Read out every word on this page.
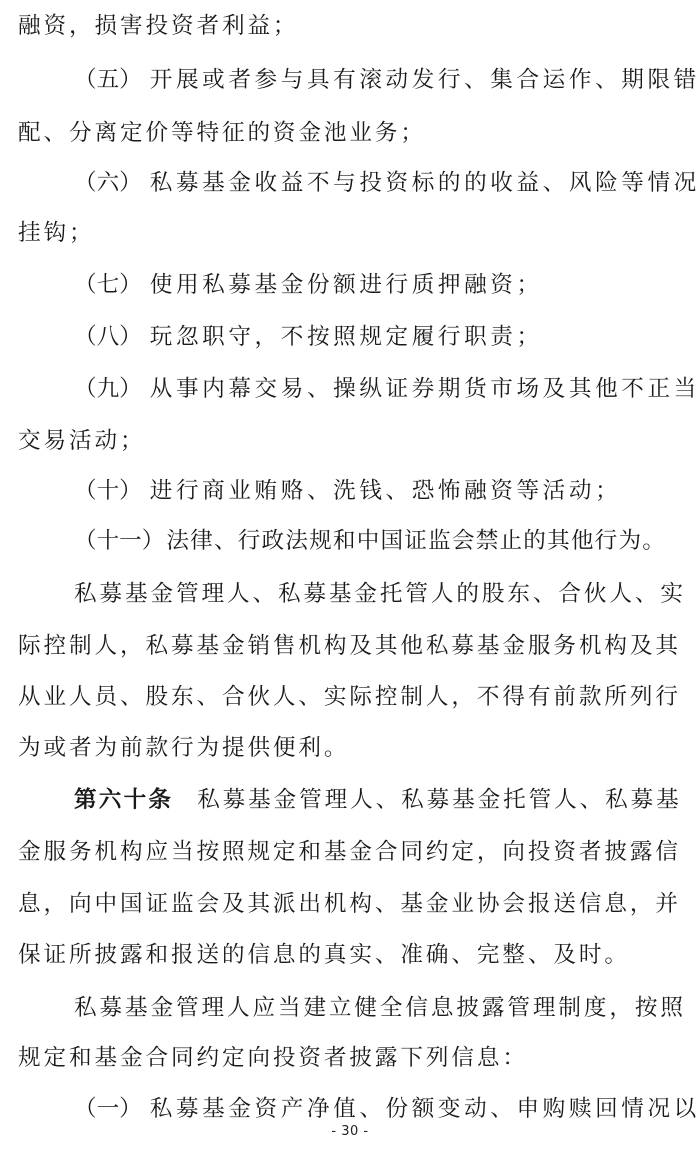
融资，损害投资者利益；
（五） 开展或者参与具有滚动发行、集合运作、期限错
配、分离定价等特征的资金池业务；
（六） 私募基金收益不与投资标的的收益、风险等情况
挂钩；
（七） 使用私募基金份额进行质押融资；
（八） 玩忽职守，不按照规定履行职责；
（九） 从事内幕交易、操纵证券期货市场及其他不正当
交易活动；
（十） 进行商业贿赂、洗钱、恐怖融资等活动；
（十一）法律、行政法规和中国证监会禁止的其他行为。
私募基金管理人、私募基金托管人的股东、合伙人、实
际控制人，私募基金销售机构及其他私募基金服务机构及其
从业人员、股东、合伙人、实际控制人，不得有前款所列行
为或者为前款行为提供便利。
第六十条 私募基金管理人、私募基金托管人、私募基
金服务机构应当按照规定和基金合同约定，向投资者披露信
息，向中国证监会及其派出机构、基金业协会报送信息，并
保证所披露和报送的信息的真实、准确、完整、及时。
私募基金管理人应当建立健全信息披露管理制度，按照
规定和基金合同约定向投资者披露下列信息：
（一） 私募基金资产净值、份额变动、申购赎回情况以
- 30 -
